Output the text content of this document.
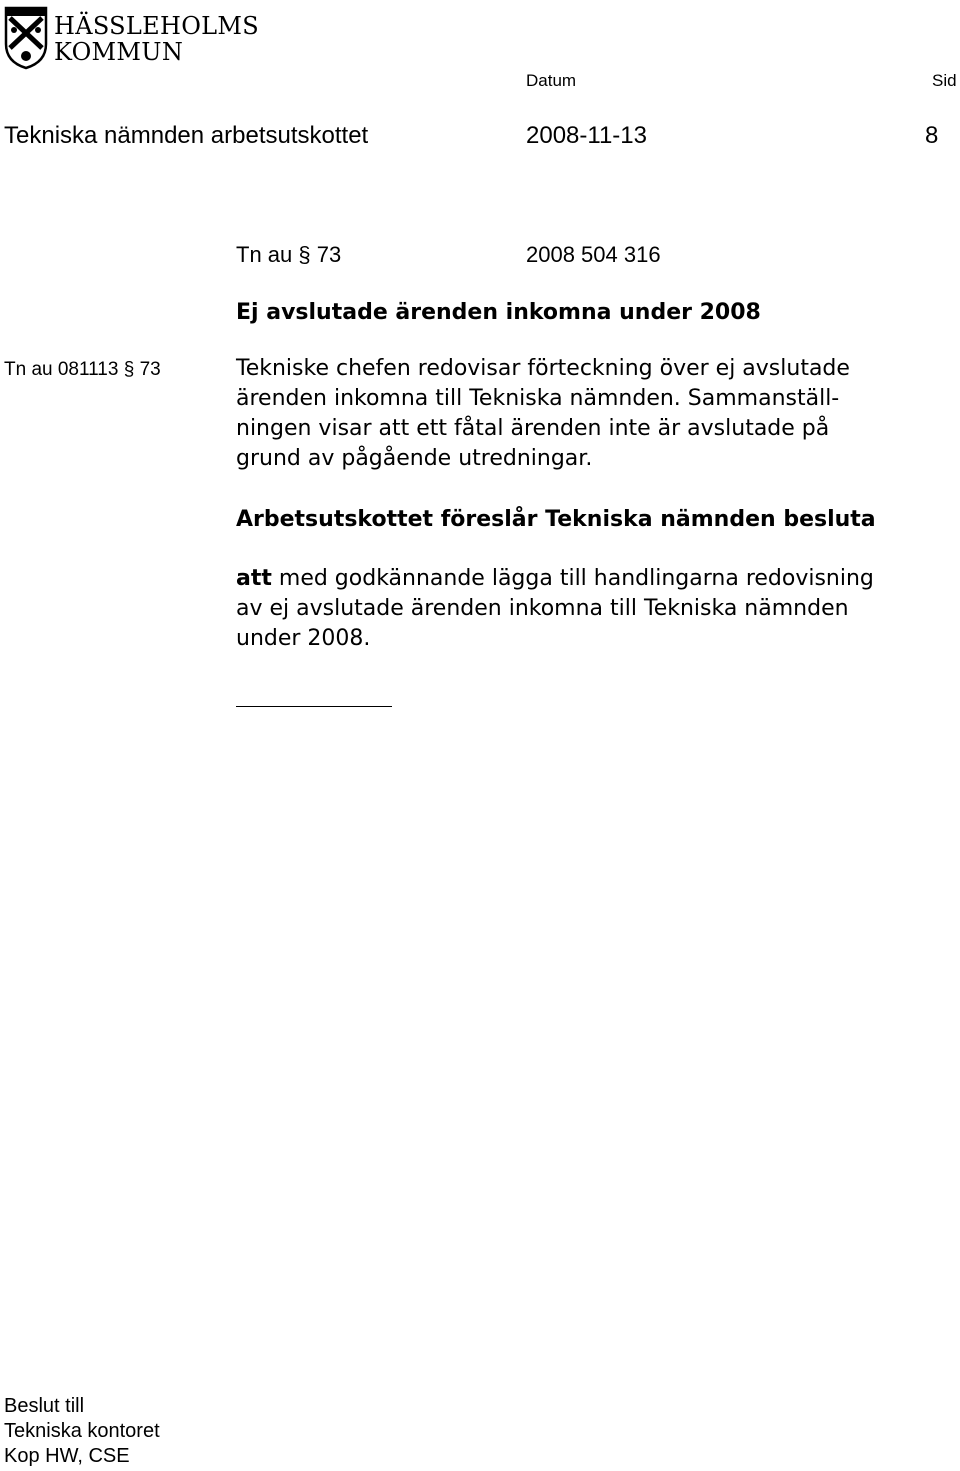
HÄSSLEHOLMS
KOMMUN
Datum	Sid
Tekniska nämnden arbetsutskottet	2008-11-13	8
Tn au § 73	2008 504 316
Ej avslutade ärenden inkomna under 2008
Tn au 081113 § 73	Tekniske chefen redovisar förteckning över ej avslutade
ärenden inkomna till Tekniska nämnden. Sammanställ-
ningen visar att ett fåtal ärenden inte är avslutade på
grund av pågående utredningar.
Arbetsutskottet föreslår Tekniska nämnden besluta
att med godkännande lägga till handlingarna redovisning
av ej avslutade ärenden inkomna till Tekniska nämnden
under 2008.
Beslut till
Tekniska kontoret
Kop HW, CSE
